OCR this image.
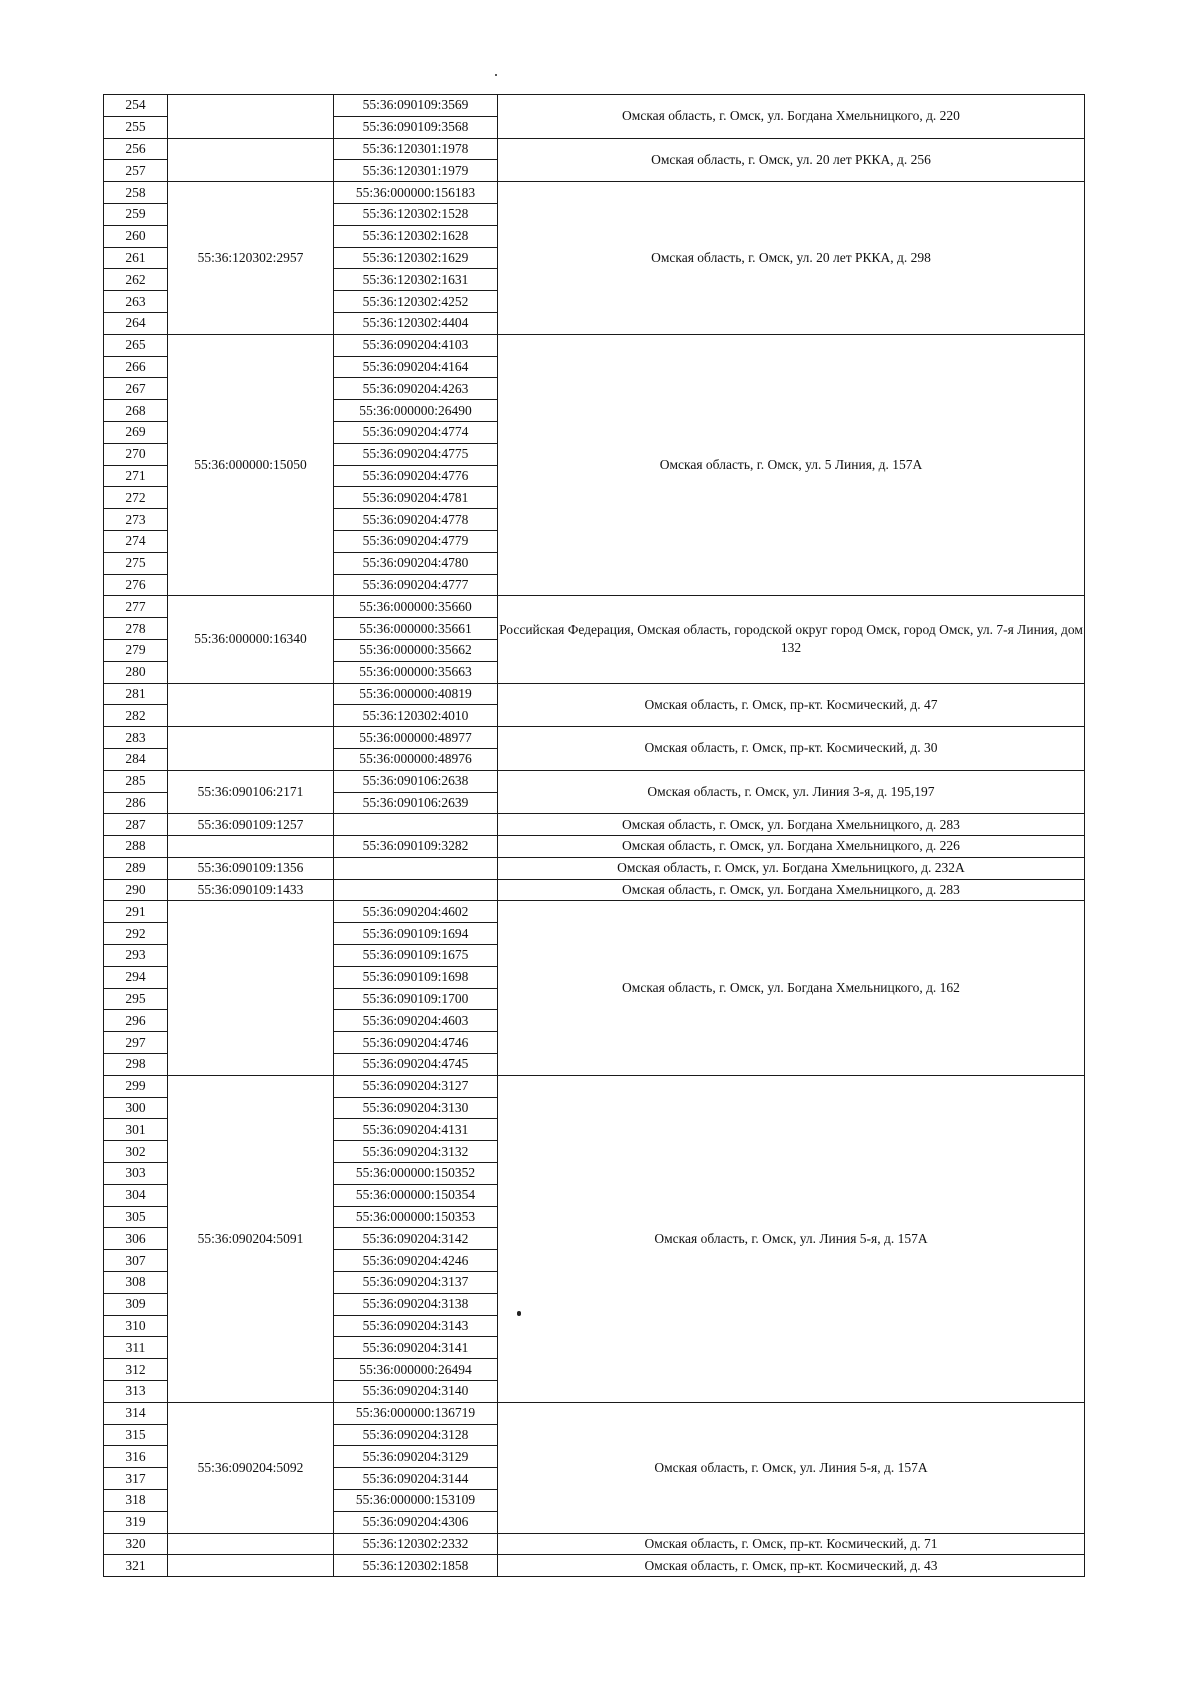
254		55:36:090109:3569	Омская область, г. Омск, ул. Богдана Хмельницкого, д. 220
255		55:36:090109:3568	
256		55:36:120301:1978	Омская область, г. Омск, ул. 20 лет РККА, д. 256
257		55:36:120301:1979	
258	55:36:120302:2957	55:36:000000:156183	Омская область, г. Омск, ул. 20 лет РККА, д. 298
259		55:36:120302:1528	
260		55:36:120302:1628	
261		55:36:120302:1629	
262		55:36:120302:1631	
263		55:36:120302:4252	
264		55:36:120302:4404	
265	55:36:000000:15050	55:36:090204:4103	Омская область, г. Омск, ул. 5 Линия, д. 157А
266		55:36:090204:4164	
267		55:36:090204:4263	
268		55:36:000000:26490	
269		55:36:090204:4774	
270		55:36:090204:4775	
271		55:36:090204:4776	
272		55:36:090204:4781	
273		55:36:090204:4778	
274		55:36:090204:4779	
275		55:36:090204:4780	
276		55:36:090204:4777	
277	55:36:000000:16340	55:36:000000:35660	Российская Федерация, Омская область, городской округ город Омск, город Омск, ул. 7-я Линия, дом 132
278		55:36:000000:35661	
279		55:36:000000:35662	
280		55:36:000000:35663	
281		55:36:000000:40819	Омская область, г. Омск, пр-кт. Космический, д. 47
282		55:36:120302:4010	
283		55:36:000000:48977	Омская область, г. Омск, пр-кт. Космический, д. 30
284		55:36:000000:48976	
285	55:36:090106:2171	55:36:090106:2638	Омская область, г. Омск, ул. Линия 3-я, д. 195,197
286		55:36:090106:2639	
287	55:36:090109:1257		Омская область, г. Омск, ул. Богдана Хмельницкого, д. 283
288		55:36:090109:3282	Омская область, г. Омск, ул. Богдана Хмельницкого, д. 226
289	55:36:090109:1356		Омская область, г. Омск, ул. Богдана Хмельницкого, д. 232А
290	55:36:090109:1433		Омская область, г. Омск, ул. Богдана Хмельницкого, д. 283
291		55:36:090204:4602	Омская область, г. Омск, ул. Богдана Хмельницкого, д. 162
292		55:36:090109:1694	
293		55:36:090109:1675	
294		55:36:090109:1698	
295		55:36:090109:1700	
296		55:36:090204:4603	
297		55:36:090204:4746	
298		55:36:090204:4745	
299	55:36:090204:5091	55:36:090204:3127	Омская область, г. Омск, ул. Линия 5-я, д. 157А
300		55:36:090204:3130	
301		55:36:090204:4131	
302		55:36:090204:3132	
303		55:36:000000:150352	
304		55:36:000000:150354	
305		55:36:000000:150353	
306		55:36:090204:3142	
307		55:36:090204:4246	
308		55:36:090204:3137	
309		55:36:090204:3138	
310		55:36:090204:3143	
311		55:36:090204:3141	
312		55:36:000000:26494	
313		55:36:090204:3140	
314	55:36:090204:5092	55:36:000000:136719	Омская область, г. Омск, ул. Линия 5-я, д. 157А
315		55:36:090204:3128	
316		55:36:090204:3129	
317		55:36:090204:3144	
318		55:36:000000:153109	
319		55:36:090204:4306	
320		55:36:120302:2332	Омская область, г. Омск, пр-кт. Космический, д. 71
321		55:36:120302:1858	Омская область, г. Омск, пр-кт. Космический, д. 43
